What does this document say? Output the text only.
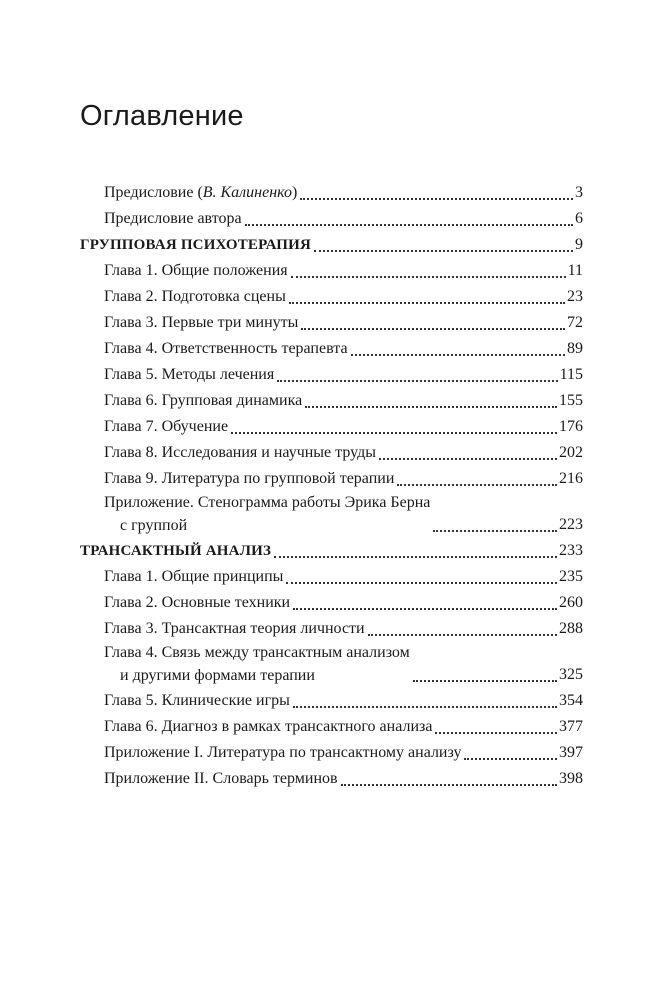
Оглавление
Предисловие (В. Калиненко)	3
Предисловие автора	6
ГРУППОВАЯ ПСИХОТЕРАПИЯ	9
Глава 1. Общие положения	11
Глава 2. Подготовка сцены	23
Глава 3. Первые три минуты	72
Глава 4. Ответственность терапевта	89
Глава 5. Методы лечения	115
Глава 6. Групповая динамика	155
Глава 7. Обучение	176
Глава 8. Исследования и научные труды	202
Глава 9. Литература по групповой терапии	216
Приложение. Стенограмма работы Эрика Берна
с группой	223
ТРАНСАКТНЫЙ АНАЛИЗ	233
Глава 1. Общие принципы	235
Глава 2. Основные техники	260
Глава 3. Трансактная теория личности	288
Глава 4. Связь между трансактным анализом
и другими формами терапии	325
Глава 5. Клинические игры	354
Глава 6. Диагноз в рамках трансактного анализа	377
Приложение I. Литература по трансактному анализу	397
Приложение II. Словарь терминов	398
